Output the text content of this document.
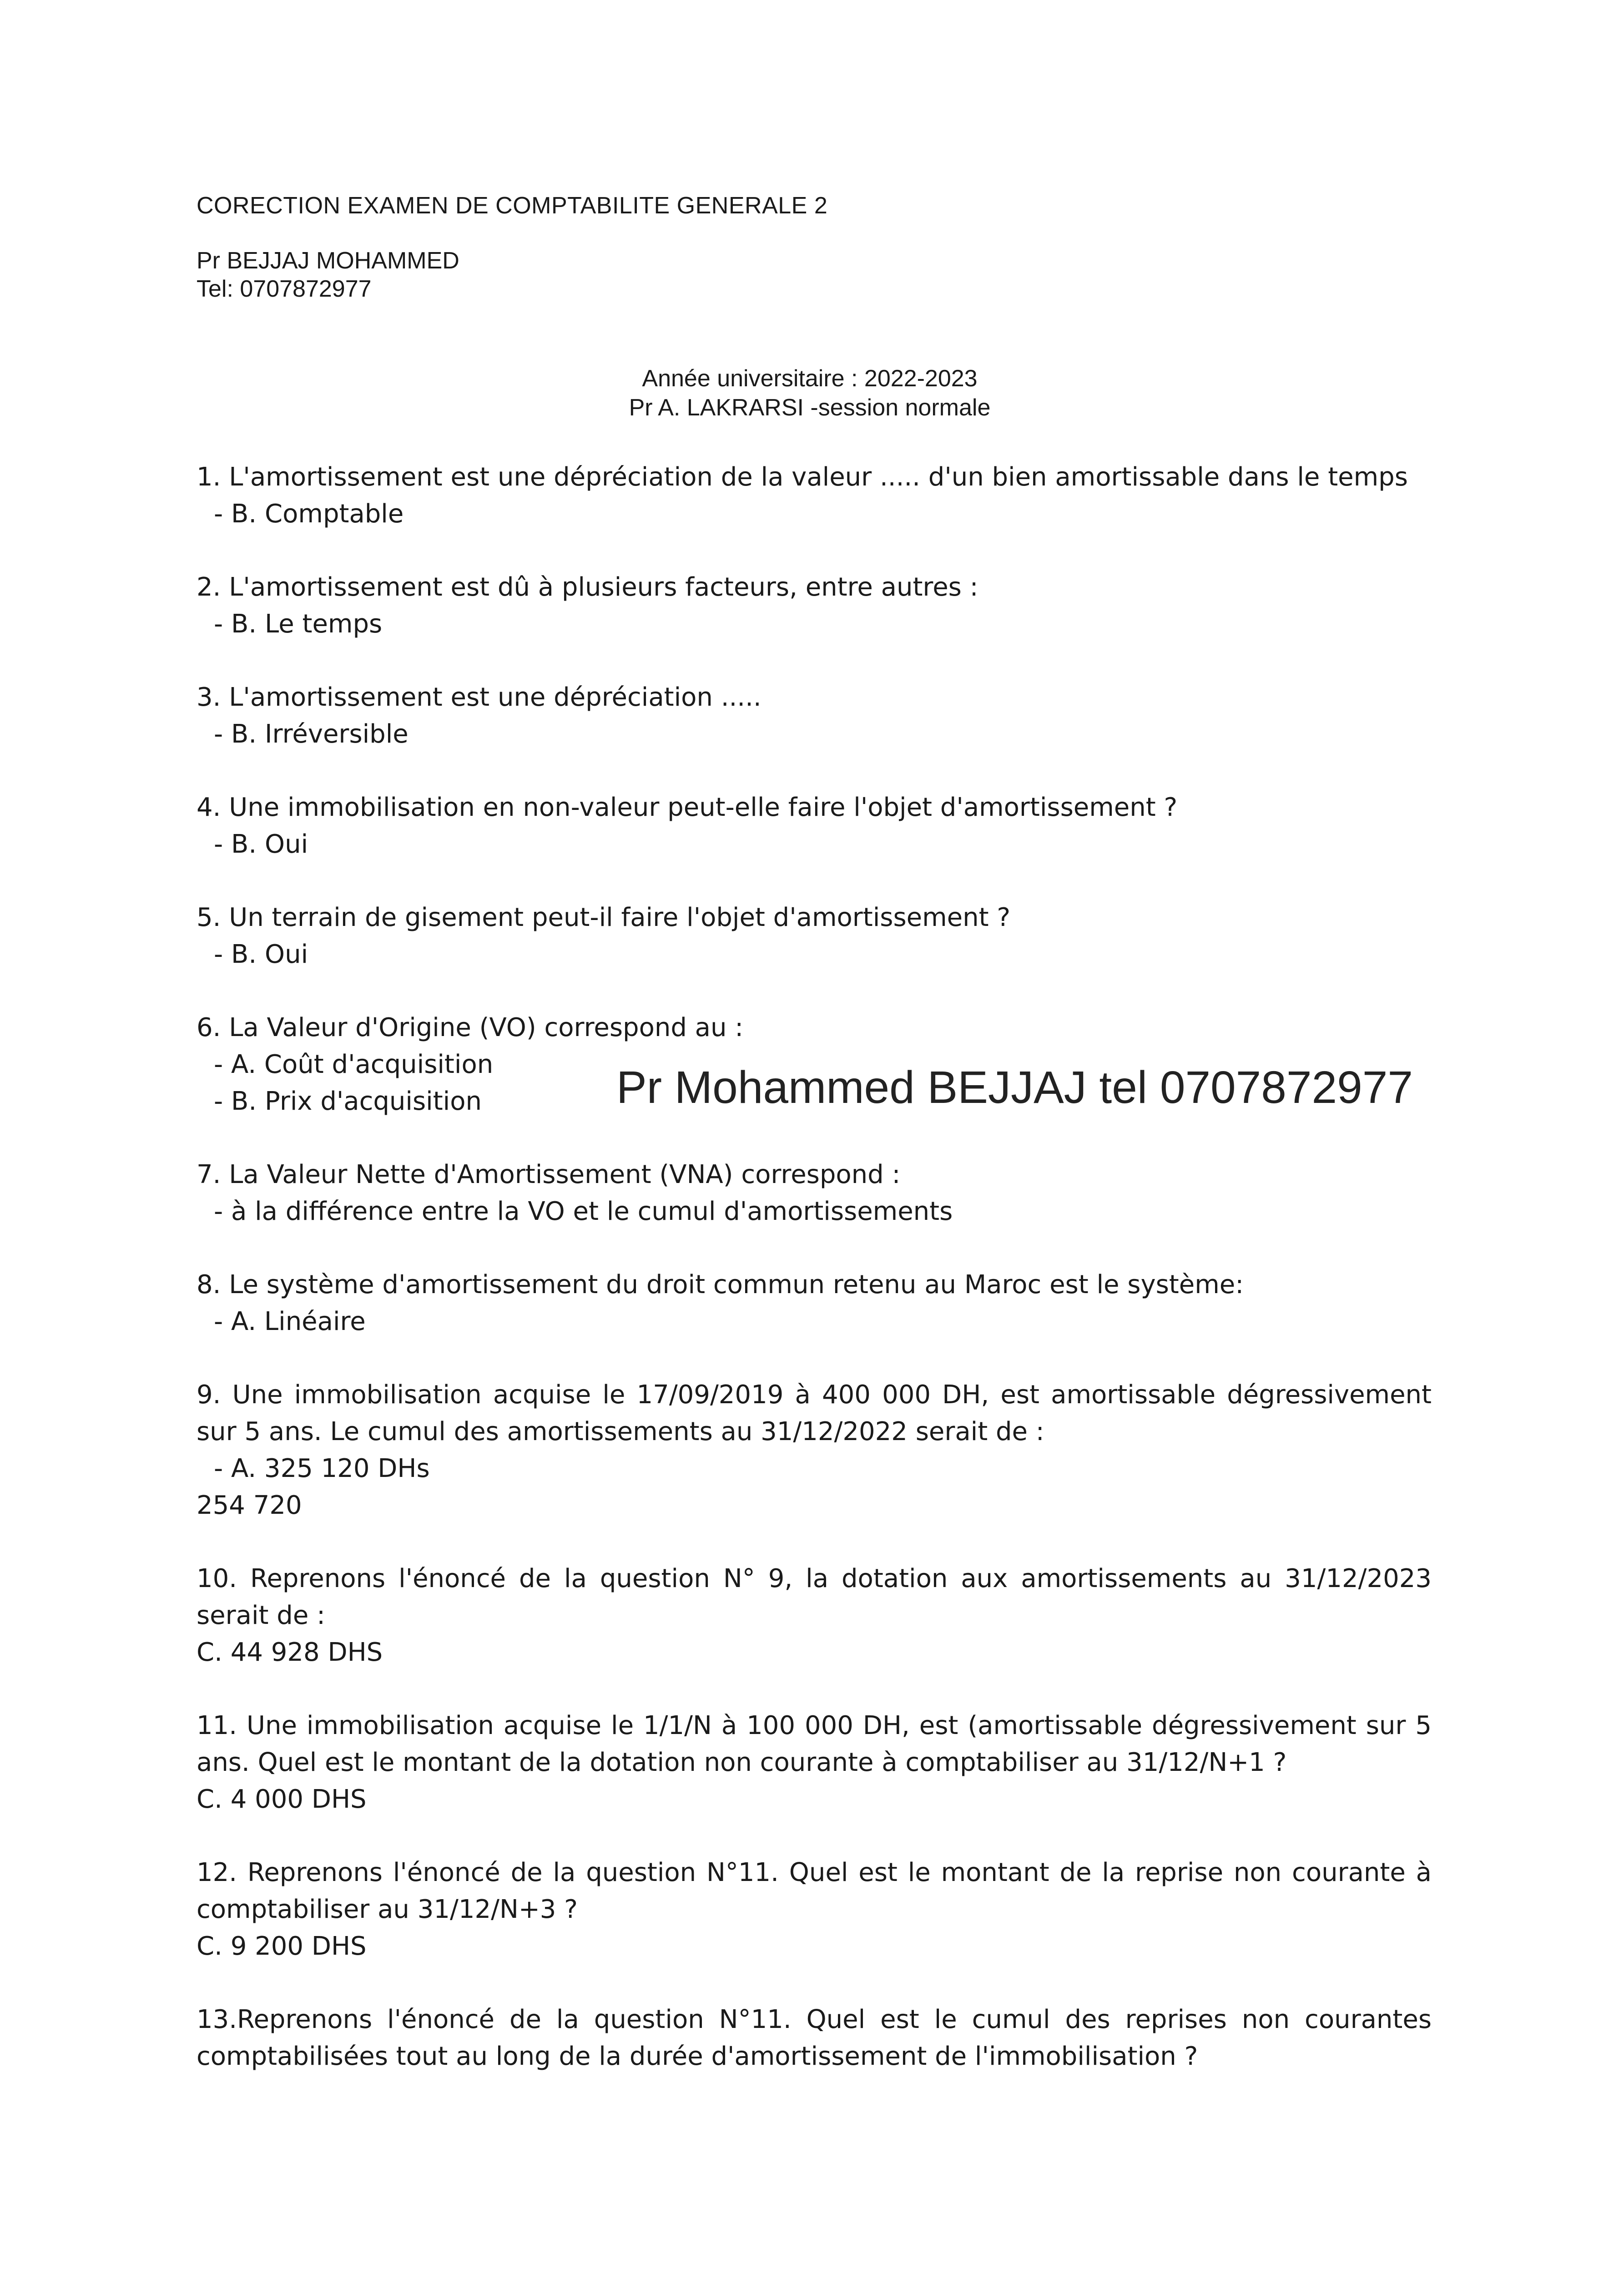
CORECTION EXAMEN DE COMPTABILITE GENERALE 2
Pr BEJJAJ MOHAMMED
Tel: 0707872977
Année universitaire : 2022-2023
Pr A. LAKRARSI -session normale
1. L'amortissement est une dépréciation de la valeur ..... d'un bien amortissable dans le temps
- B. Comptable
2. L'amortissement est dû à plusieurs facteurs, entre autres :
- B. Le temps
3. L'amortissement est une dépréciation .....
- B. Irréversible
4. Une immobilisation en non-valeur peut-elle faire l'objet d'amortissement ?
- B. Oui
5. Un terrain de gisement peut-il faire l'objet d'amortissement ?
- B. Oui
6. La Valeur d'Origine (VO) correspond au :
- A. Coût d'acquisition
- B. Prix d'acquisition
7. La Valeur Nette d'Amortissement (VNA) correspond :
- à la différence entre la VO et le cumul d'amortissements
8. Le système d'amortissement du droit commun retenu au Maroc est le système:
- A. Linéaire
9. Une immobilisation acquise le 17/09/2019 à 400 000 DH, est amortissable dégressivement sur 5 ans. Le cumul des amortissements au 31/12/2022 serait de :
- A. 325 120 DHs
254 720
10. Reprenons l'énoncé de la question N° 9, la dotation aux amortissements au 31/12/2023 serait de :
C. 44 928 DHS
11. Une immobilisation acquise le 1/1/N à 100 000 DH, est (amortissable dégressivement sur 5 ans. Quel est le montant de la dotation non courante à comptabiliser au 31/12/N+1 ?
C. 4 000 DHS
12. Reprenons l'énoncé de la question N°11. Quel est le montant de la reprise non courante à comptabiliser au 31/12/N+3 ?
C. 9 200 DHS
13.Reprenons l'énoncé de la question N°11. Quel est le cumul des reprises non courantes comptabilisées tout au long de la durée d'amortissement de l'immobilisation ?
Pr Mohammed BEJJAJ tel 0707872977
